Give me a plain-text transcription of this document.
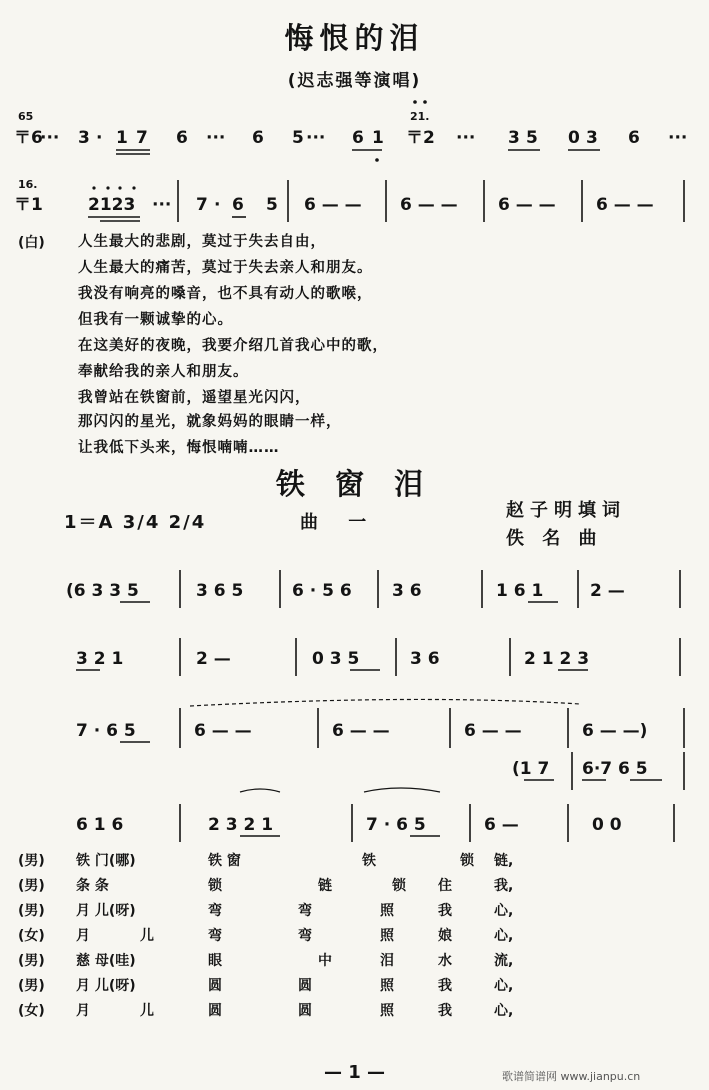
悔恨的泪
(迟志强等演唱)
(白) 人生最大的悲剧，莫过于失去自由，
人生最大的痛苦，莫过于失去亲人和朋友。
我没有响亮的嗓音，也不具有动人的歌喉，
但我有一颗诚挚的心。
在这美好的夜晚，我要介绍几首我心中的歌，
奉献给我的亲人和朋友。
我曾站在铁窗前，遥望星光闪闪，
那闪闪的星光，就象妈妈的眼睛一样，
让我低下头来，悔恨喃喃……
铁 窗 泪
1＝A 3/4 2/4	曲 一
赵子明填词
佚 名 曲
65
〒6
··· 3 · 1 7 6 ··· 6 5 ··· 6 1
21.
〒2 ··· 3 5 0 3 6 ···
16.
〒1	2123 ··· 7 · 6 5 6 — — 6 — — 6 — — 6 — —
(6 3 3 5	3 6 5	6 · 5 6 3 6	1 6 1	2 —
3 2 1	2 —	0 3 5	3 6	2 1 2 3
7 · 6 5	6 — —	6 — —	6 — —	6 — —)
(1 7 6·7 6 5
6 1 6	2 3 2 1	7 · 6 5	6 —	0 0
(男) 铁 门(哪)	铁 窗	铁	锁 链,
(男) 条 条	锁	链	锁 住	我,
(男) 月 儿(呀)	弯	弯	照	我	心,
(女) 月	儿	弯	弯	照	娘	心,
(男) 慈 母(哇)	眼	中	泪	水	流,
(男) 月 儿(呀)	圆	圆	照	我	心,
(女) 月	儿	圆	圆	照	我	心,
— 1 —	歌谱简谱网 www.jianpu.cn
